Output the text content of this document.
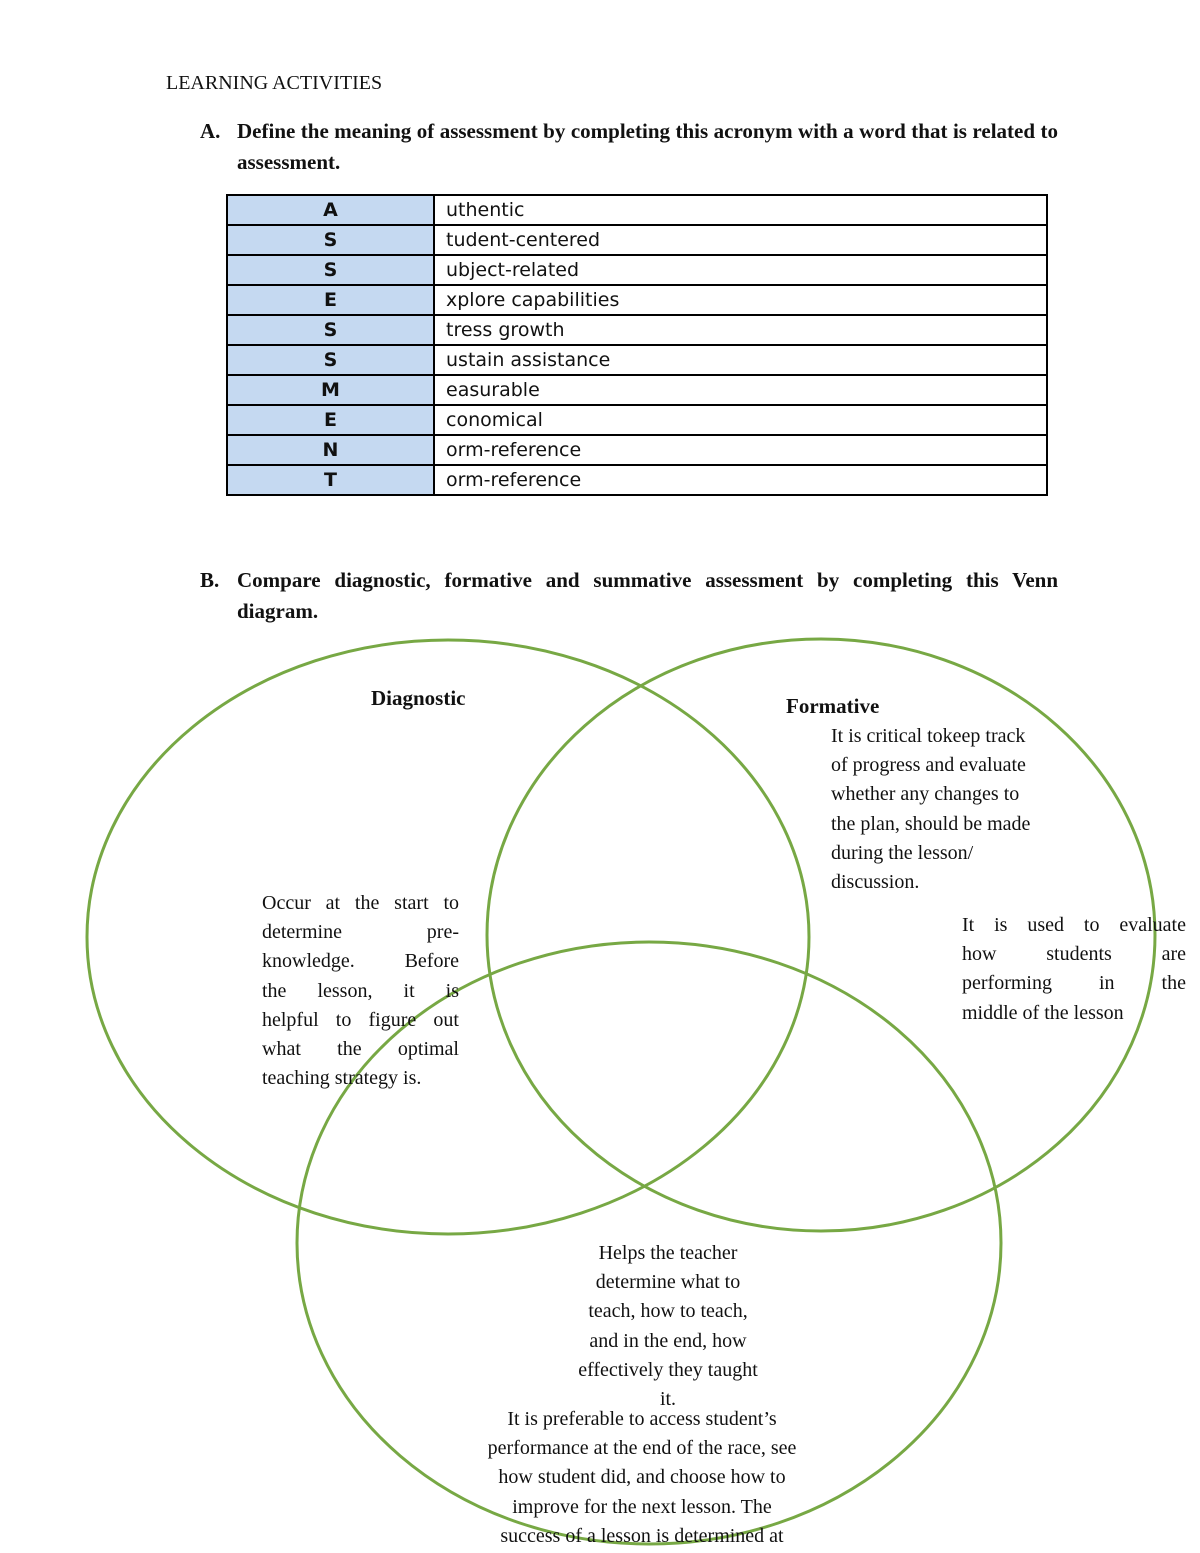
LEARNING ACTIVITIES
A. Define the meaning of assessment by completing this acronym with a word that is related to assessment.
A	uthentic
S	tudent-centered
S	ubject-related
E	xplore capabilities
S	tress growth
S	ustain assistance
M	easurable
E	conomical
N	orm-reference
T	orm-reference
B. Compare diagnostic, formative and summative assessment by completing this Venn diagram.
Diagnostic	Formative
Occur at the start to
determine pre-
knowledge. Before
the lesson, it is
helpful to figure out
what the optimal
teaching strategy is.
It is critical tokeep track
of progress and evaluate
whether any changes to
the plan, should be made
during the lesson/
discussion.
It is used to evaluate
how students are
performing in the
middle of the lesson
Helps the teacher
determine what to
teach, how to teach,
and in the end, how
effectively they taught
it.
It is preferable to access student’s
performance at the end of the race, see
how student did, and choose how to
improve for the next lesson. The
success of a lesson is determined at
